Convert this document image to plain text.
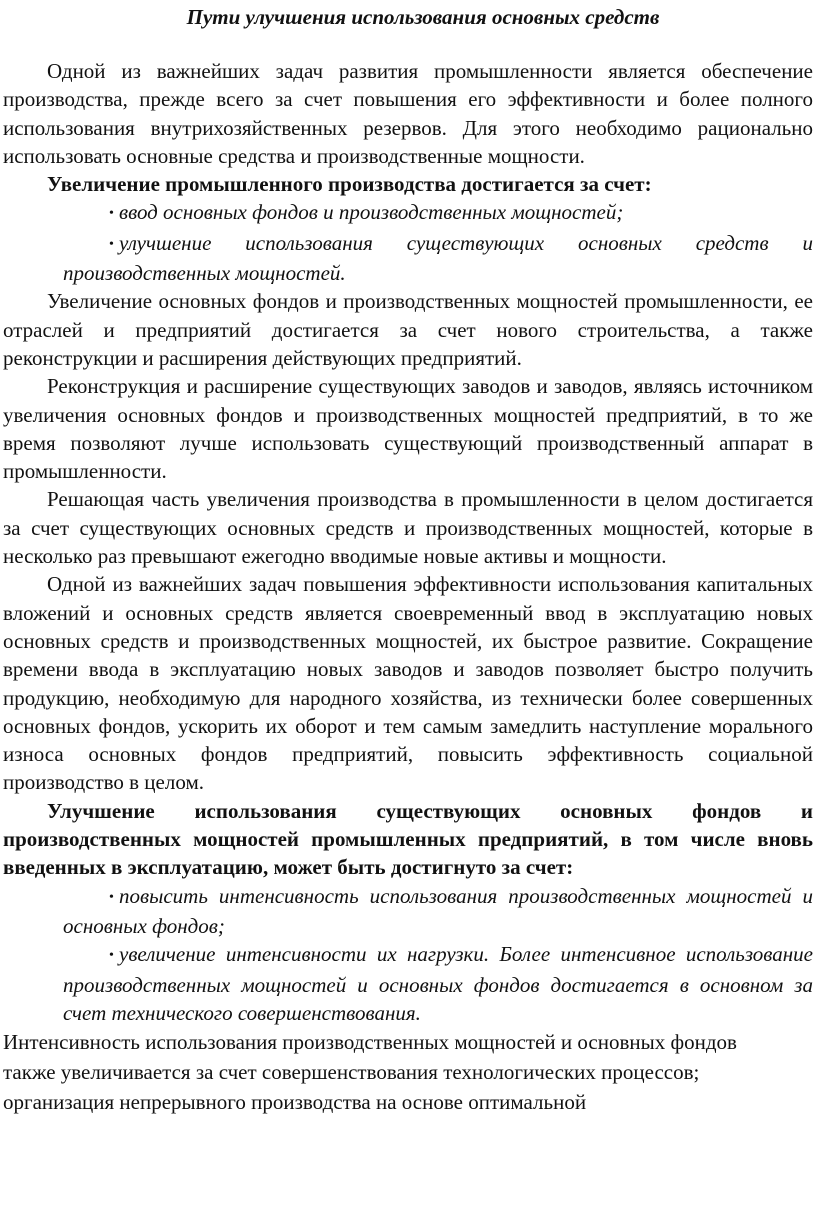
Пути улучшения использования основных средств

Одной из важнейших задач развития промышленности является обеспечение производства, прежде всего за счет повышения его эффективности и более полного использования внутрихозяйственных резервов. Для этого необходимо рационально использовать основные средства и производственные мощности.

Увеличение промышленного производства достигается за счет:

• ввод основных фондов и производственных мощностей;
• улучшение использования существующих основных средств и производственных мощностей.

Увеличение основных фондов и производственных мощностей промышленности, ее отраслей и предприятий достигается за счет нового строительства, а также реконструкции и расширения действующих предприятий.

Реконструкция и расширение существующих заводов и заводов, являясь источником увеличения основных фондов и производственных мощностей предприятий, в то же время позволяют лучше использовать существующий производственный аппарат в промышленности.

Решающая часть увеличения производства в промышленности в целом достигается за счет существующих основных средств и производственных мощностей, которые в несколько раз превышают ежегодно вводимые новые активы и мощности.

Одной из важнейших задач повышения эффективности использования капитальных вложений и основных средств является своевременный ввод в эксплуатацию новых основных средств и производственных мощностей, их быстрое развитие. Сокращение времени ввода в эксплуатацию новых заводов и заводов позволяет быстро получить продукцию, необходимую для народного хозяйства, из технически более совершенных основных фондов, ускорить их оборот и тем самым замедлить наступление морального износа основных фондов предприятий, повысить эффективность социальной производство в целом.

Улучшение использования существующих основных фондов и производственных мощностей промышленных предприятий, в том числе вновь введенных в эксплуатацию, может быть достигнуто за счет:

• повысить интенсивность использования производственных мощностей и основных фондов;
• увеличение интенсивности их нагрузки. Более интенсивное использование производственных мощностей и основных фондов достигается в основном за счет технического совершенствования.

Интенсивность использования производственных мощностей и основных фондов также увеличивается за счет совершенствования технологических процессов; организация непрерывного производства на основе оптимальной
